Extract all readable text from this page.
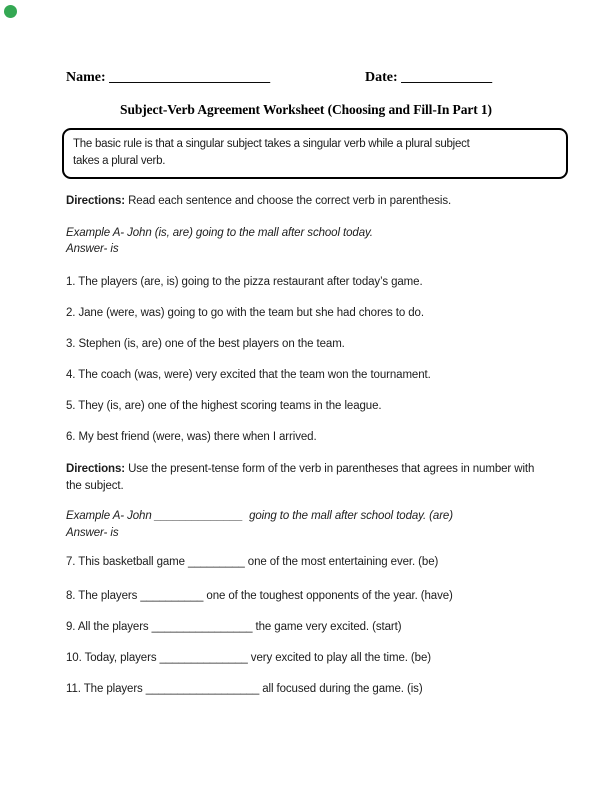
Name: _______________________	Date: _____________
Subject-Verb Agreement Worksheet (Choosing and Fill-In Part 1)
The basic rule is that a singular subject takes a singular verb while a plural subject
takes a plural verb.
Directions: Read each sentence and choose the correct verb in parenthesis.
Example A- John (is, are) going to the mall after school today.
Answer- is
1. The players (are, is) going to the pizza restaurant after today’s game.
2. Jane (were, was) going to go with the team but she had chores to do.
3. Stephen (is, are) one of the best players on the team.
4. The coach (was, were) very excited that the team won the tournament.
5. They (is, are) one of the highest scoring teams in the league.
6. My best friend (were, was) there when I arrived.
Directions: Use the present-tense form of the verb in parentheses that agrees in number with the subject.
Example A- John ______________  going to the mall after school today. (are)
Answer- is
7. This basketball game _________ one of the most entertaining ever. (be)
8. The players __________ one of the toughest opponents of the year. (have)
9. All the players ________________ the game very excited. (start)
10. Today, players ______________ very excited to play all the time. (be)
11. The players __________________ all focused during the game. (is)
